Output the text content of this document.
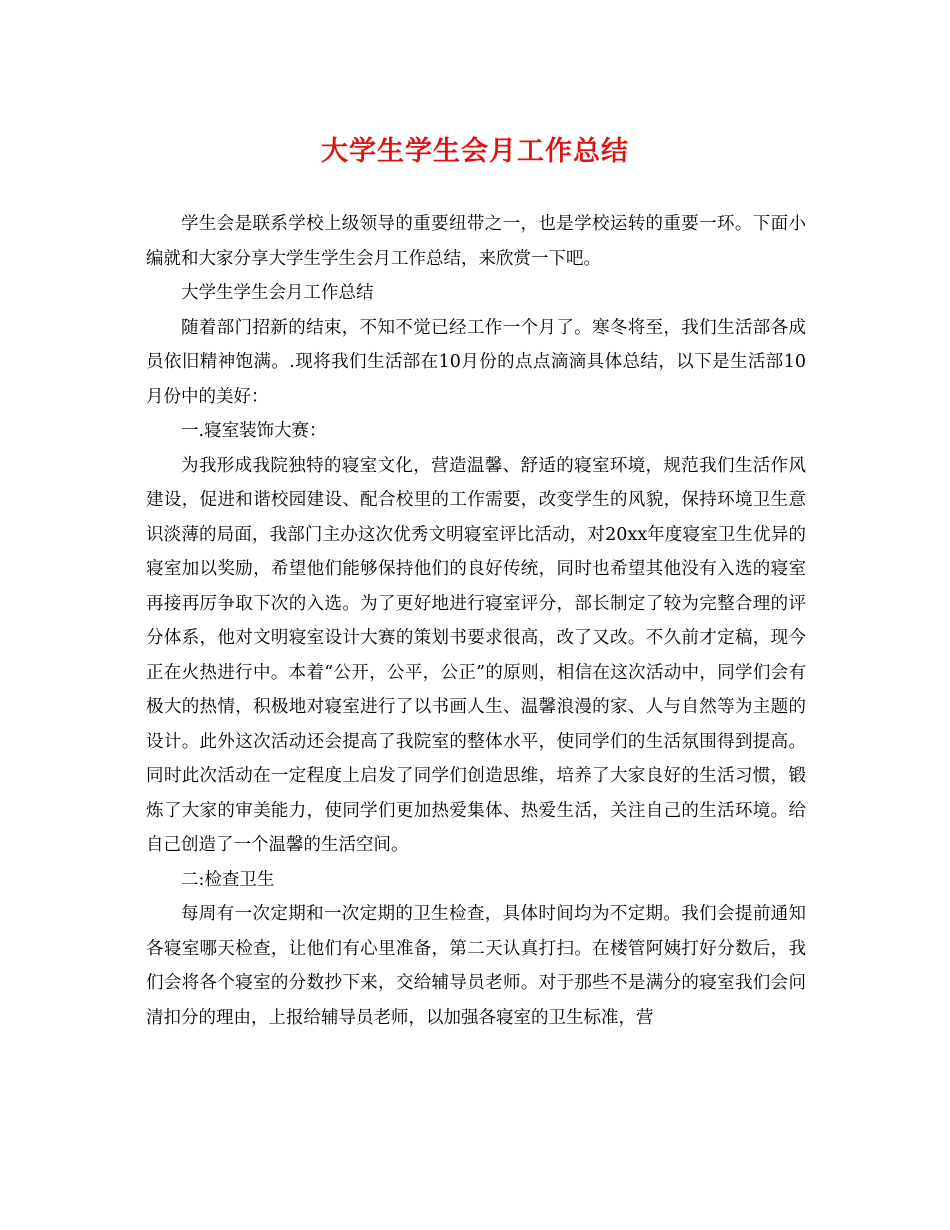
大学生学生会月工作总结

学生会是联系学校上级领导的重要纽带之一，也是学校运转的重要一环。下面小编就和大家分享大学生学生会月工作总结，来欣赏一下吧。

大学生学生会月工作总结

随着部门招新的结束，不知不觉已经工作一个月了。寒冬将至，我们生活部各成员依旧精神饱满。.现将我们生活部在10月份的点点滴滴具体总结，以下是生活部10月份中的美好：

一.寝室装饰大赛：

为我形成我院独特的寝室文化，营造温馨、舒适的寝室环境，规范我们生活作风建设，促进和谐校园建设、配合校里的工作需要，改变学生的风貌，保持环境卫生意识淡薄的局面，我部门主办这次优秀文明寝室评比活动，对20xx年度寝室卫生优异的寝室加以奖励，希望他们能够保持他们的良好传统，同时也希望其他没有入选的寝室再接再厉争取下次的入选。为了更好地进行寝室评分，部长制定了较为完整合理的评分体系，他对文明寝室设计大赛的策划书要求很高，改了又改。不久前才定稿，现今正在火热进行中。本着“公开，公平，公正”的原则，相信在这次活动中，同学们会有极大的热情，积极地对寝室进行了以书画人生、温馨浪漫的家、人与自然等为主题的设计。此外这次活动还会提高了我院室的整体水平，使同学们的生活氛围得到提高。同时此次活动在一定程度上启发了同学们创造思维，培养了大家良好的生活习惯，锻炼了大家的审美能力，使同学们更加热爱集体、热爱生活，关注自己的生活环境。给自己创造了一个温馨的生活空间。

二:检查卫生

每周有一次定期和一次定期的卫生检查，具体时间均为不定期。我们会提前通知各寝室哪天检查，让他们有心里准备，第二天认真打扫。在楼管阿姨打好分数后，我们会将各个寝室的分数抄下来，交给辅导员老师。对于那些不是满分的寝室我们会问清扣分的理由，上报给辅导员老师，以加强各寝室的卫生标准，营
